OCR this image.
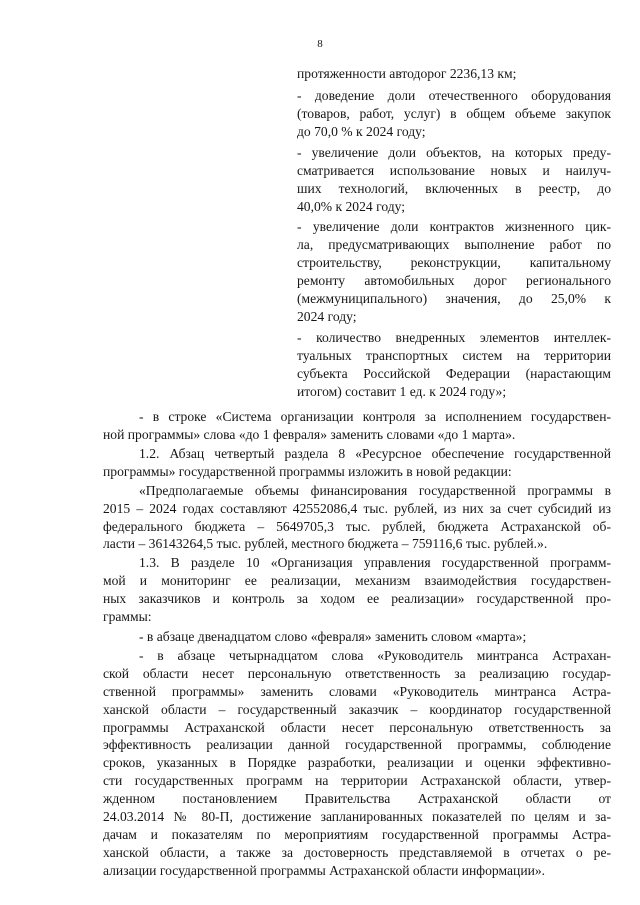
8
протяженности автодорог 2236,13 км;
- доведение доли отечественного оборудования
(товаров, работ, услуг) в общем объеме закупок
до 70,0 % к 2024 году;
- увеличение доли объектов, на которых преду-
сматривается использование новых и наилуч-
ших технологий, включенных в реестр, до
40,0% к 2024 году;
- увеличение доли контрактов жизненного цик-
ла, предусматривающих выполнение работ по
строительству, реконструкции, капитальному
ремонту автомобильных дорог регионального
(межмуниципального) значения, до 25,0% к
2024 году;
- количество внедренных элементов интеллек-
туальных транспортных систем на территории
субъекта Российской Федерации (нарастающим
итогом) составит 1 ед. к 2024 году»;
- в строке «Система организации контроля за исполнением государствен-
ной программы» слова «до 1 февраля» заменить словами «до 1 марта».
1.2. Абзац четвертый раздела 8 «Ресурсное обеспечение государственной
программы» государственной программы изложить в новой редакции:
«Предполагаемые объемы финансирования государственной программы в
2015 – 2024 годах составляют 42552086,4 тыс. рублей, из них за счет субсидий из
федерального бюджета – 5649705,3 тыс. рублей, бюджета Астраханской об-
ласти – 36143264,5 тыс. рублей, местного бюджета – 759116,6 тыс. рублей.».
1.3. В разделе 10 «Организация управления государственной программ-
мой и мониторинг ее реализации, механизм взаимодействия государствен-
ных заказчиков и контроль за ходом ее реализации» государственной про-
граммы:
- в абзаце двенадцатом слово «февраля» заменить словом «марта»;
- в абзаце четырнадцатом слова «Руководитель минтранса Астрахан-
ской области несет персональную ответственность за реализацию государ-
ственной программы» заменить словами «Руководитель минтранса Астра-
ханской области – государственный заказчик – координатор государственной
программы Астраханской области несет персональную ответственность за
эффективность реализации данной государственной программы, соблюдение
сроков, указанных в Порядке разработки, реализации и оценки эффективно-
сти государственных программ на территории Астраханской области, утвер-
жденном постановлением Правительства Астраханской области от
24.03.2014 № 80-П, достижение запланированных показателей по целям и за-
дачам и показателям по мероприятиям государственной программы Астра-
ханской области, а также за достоверность представляемой в отчетах о ре-
ализации государственной программы Астраханской области информации».
